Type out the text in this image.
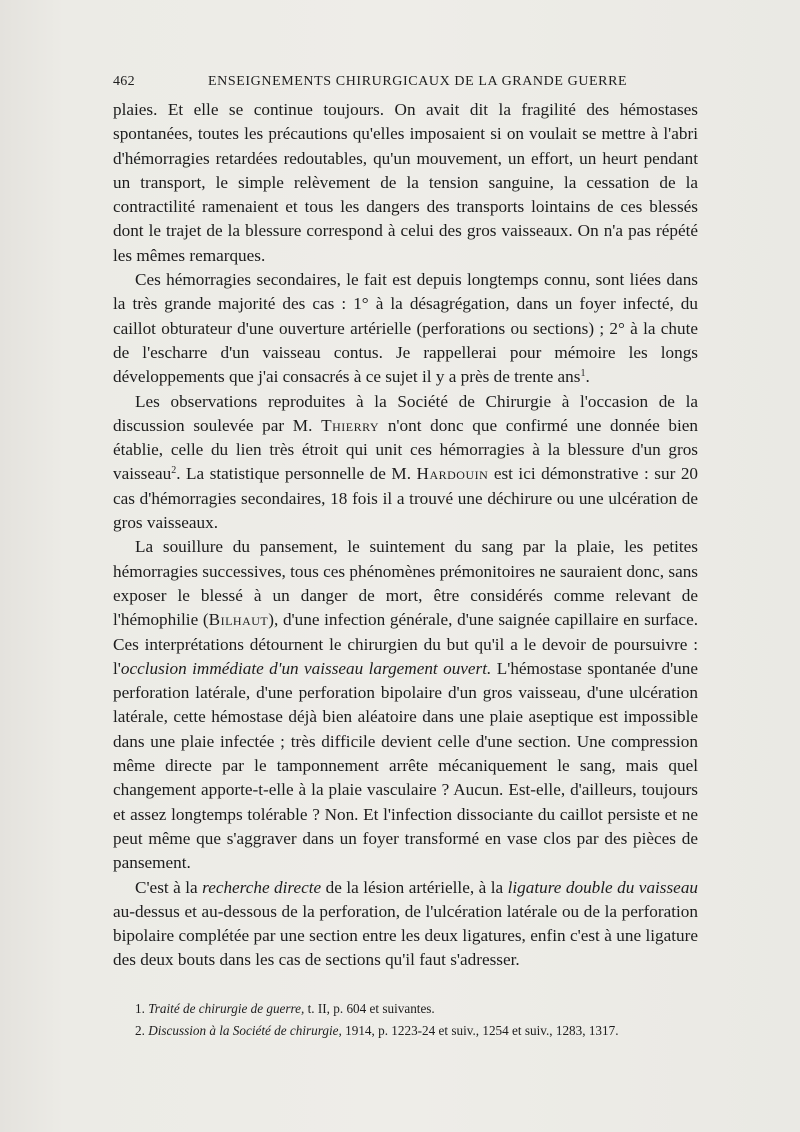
462	ENSEIGNEMENTS CHIRURGICAUX DE LA GRANDE GUERRE

plaies. Et elle se continue toujours. On avait dit la fragilité des hémostases spontanées, toutes les précautions qu'elles imposaient si on voulait se mettre à l'abri d'hémorragies retardées redoutables, qu'un mouvement, un effort, un heurt pendant un transport, le simple relèvement de la tension sanguine, la cessation de la contractilité ramenaient et tous les dangers des transports lointains de ces blessés dont le trajet de la blessure correspond à celui des gros vaisseaux. On n'a pas répété les mêmes remarques.

Ces hémorragies secondaires, le fait est depuis longtemps connu, sont liées dans la très grande majorité des cas : 1° à la désagrégation, dans un foyer infecté, du caillot obturateur d'une ouverture artérielle (perforations ou sections) ; 2° à la chute de l'escharre d'un vaisseau contus. Je rappellerai pour mémoire les longs développements que j'ai consacrés à ce sujet il y a près de trente ans$^1$.

Les observations reproduites à la Société de Chirurgie à l'occasion de la discussion soulevée par M. Thierry n'ont donc que confirmé une donnée bien établie, celle du lien très étroit qui unit ces hémorragies à la blessure d'un gros vaisseau$^2$. La statistique personnelle de M. Hardouin est ici démonstrative : sur 20 cas d'hémorragies secondaires, 18 fois il a trouvé une déchirure ou une ulcération de gros vaisseaux.

La souillure du pansement, le suintement du sang par la plaie, les petites hémorragies successives, tous ces phénomènes prémonitoires ne sauraient donc, sans exposer le blessé à un danger de mort, être considérés comme relevant de l'hémophilie (Bilhaut), d'une infection générale, d'une saignée capillaire en surface. Ces interprétations détournent le chirurgien du but qu'il a le devoir de poursuivre : l'occlusion immédiate d'un vaisseau largement ouvert. L'hémostase spontanée d'une perforation latérale, d'une perforation bipolaire d'un gros vaisseau, d'une ulcération latérale, cette hémostase déjà bien aléatoire dans une plaie aseptique est impossible dans une plaie infectée ; très difficile devient celle d'une section. Une compression même directe par le tamponnement arrête mécaniquement le sang, mais quel changement apporte-t-elle à la plaie vasculaire ? Aucun. Est-elle, d'ailleurs, toujours et assez longtemps tolérable ? Non. Et l'infection dissociante du caillot persiste et ne peut même que s'aggraver dans un foyer transformé en vase clos par des pièces de pansement.

C'est à la recherche directe de la lésion artérielle, à la ligature double du vaisseau au-dessus et au-dessous de la perforation, de l'ulcération latérale ou de la perforation bipolaire complétée par une section entre les deux ligatures, enfin c'est à une ligature des deux bouts dans les cas de sections qu'il faut s'adresser.

1. Traité de chirurgie de guerre, t. II, p. 604 et suivantes.
2. Discussion à la Société de chirurgie, 1914, p. 1223-24 et suiv., 1254 et suiv., 1283, 1317.
